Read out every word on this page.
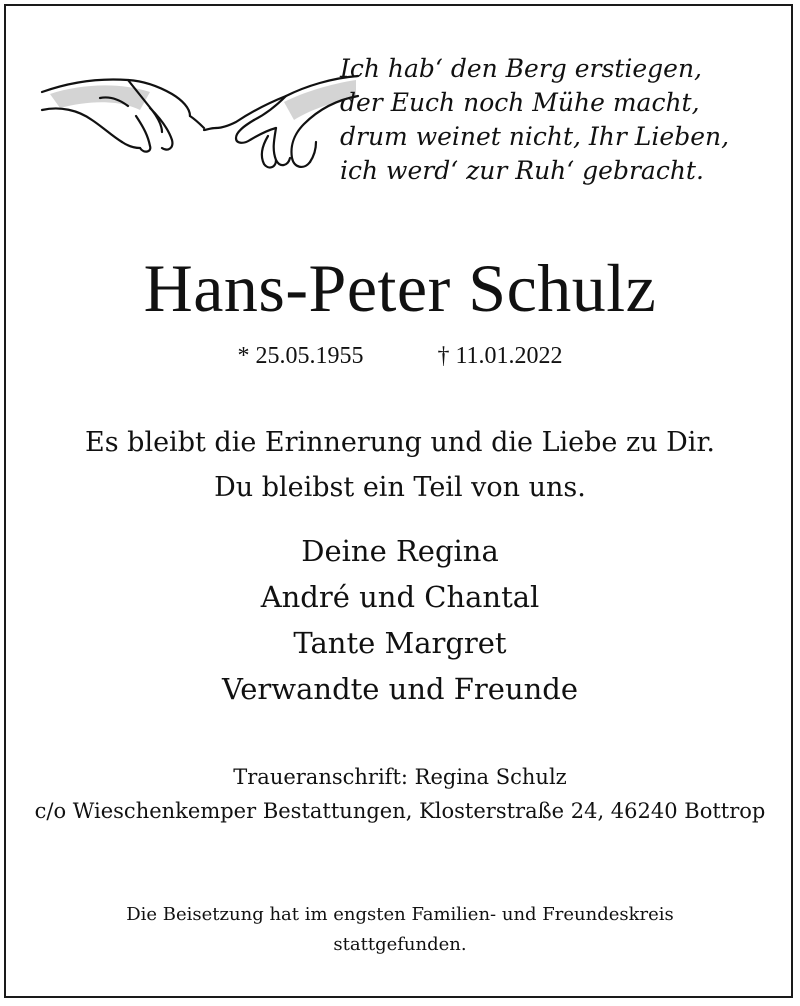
Ich hab‘ den Berg erstiegen,
der Euch noch Mühe macht,
drum weinet nicht, Ihr Lieben,
ich werd‘ zur Ruh‘ gebracht.
Hans-Peter Schulz
* 25.05.1955	† 11.01.2022
Es bleibt die Erinnerung und die Liebe zu Dir.
Du bleibst ein Teil von uns.
Deine Regina
André und Chantal
Tante Margret
Verwandte und Freunde
Traueranschrift: Regina Schulz
c/o Wieschenkemper Bestattungen, Klosterstraße 24, 46240 Bottrop
Die Beisetzung hat im engsten Familien- und Freundeskreis
stattgefunden.
